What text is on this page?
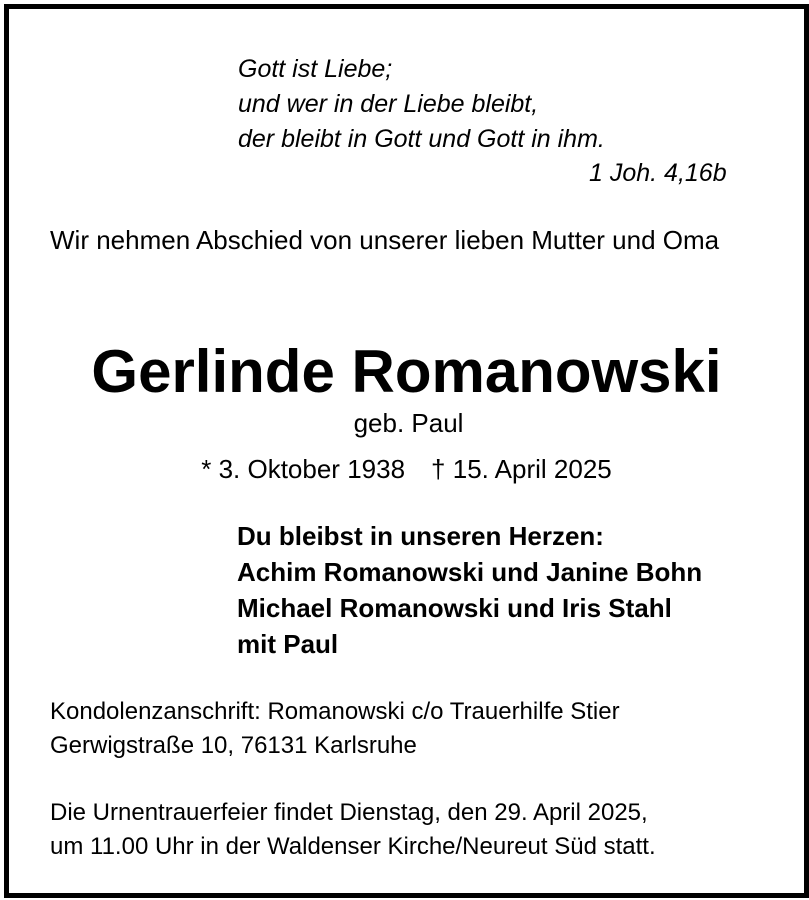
Gott ist Liebe;
und wer in der Liebe bleibt,
der bleibt in Gott und Gott in ihm.
1 Joh. 4,16b
Wir nehmen Abschied von unserer lieben Mutter und Oma
Gerlinde Romanowski
geb. Paul
* 3. Oktober 1938 † 15. April 2025
Du bleibst in unseren Herzen:
Achim Romanowski und Janine Bohn
Michael Romanowski und Iris Stahl
mit Paul
Kondolenzanschrift: Romanowski c/o Trauerhilfe Stier
Gerwigstraße 10, 76131 Karlsruhe
Die Urnentrauerfeier findet Dienstag, den 29. April 2025,
um 11.00 Uhr in der Waldenser Kirche/Neureut Süd statt.
